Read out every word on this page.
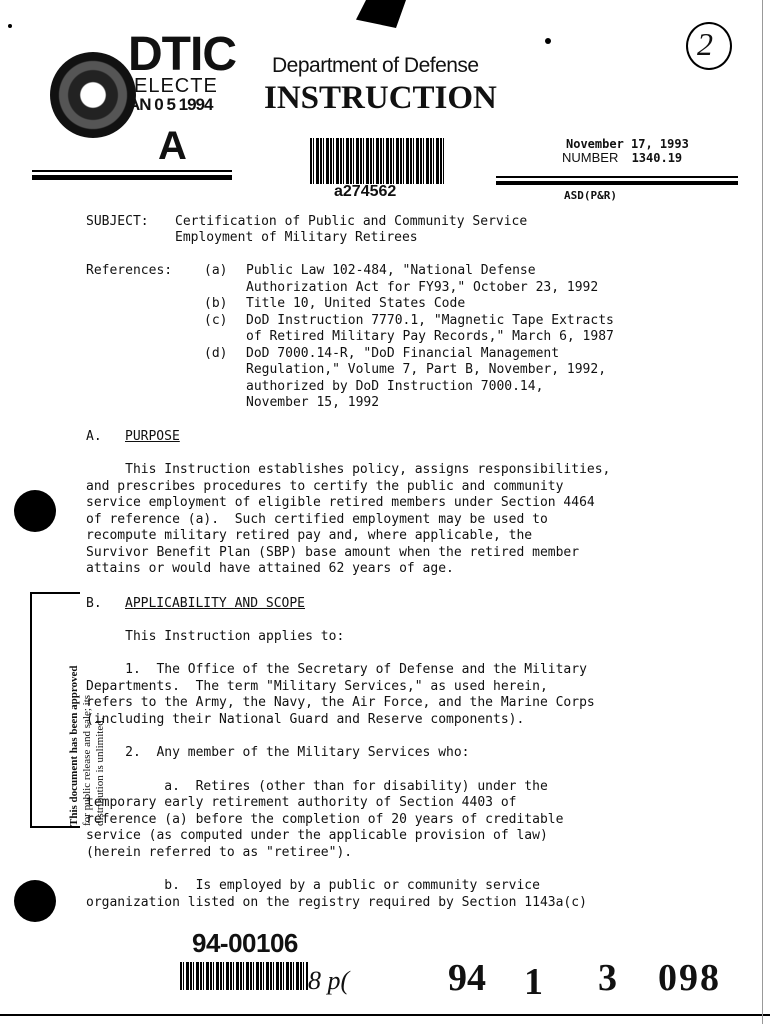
DTIC
ELECTE
AN 0 5 1994
A
Department of Defense
INSTRUCTION
2
a274562
November 17, 1993
NUMBER 1340.19
ASD(P&R)
SUBJECT: Certification of Public and Community Service
Employment of Military Retirees
References: (a) Public Law 102-484, "National Defense
Authorization Act for FY93," October 23, 1992
(b) Title 10, United States Code
(c) DoD Instruction 7770.1, "Magnetic Tape Extracts
of Retired Military Pay Records," March 6, 1987
(d) DoD 7000.14-R, "DoD Financial Management
Regulation," Volume 7, Part B, November, 1992,
authorized by DoD Instruction 7000.14,
November 15, 1992
A. PURPOSE
This Instruction establishes policy, assigns responsibilities,
and prescribes procedures to certify the public and community
service employment of eligible retired members under Section 4464
of reference (a).  Such certified employment may be used to
recompute military retired pay and, where applicable, the
Survivor Benefit Plan (SBP) base amount when the retired member
attains or would have attained 62 years of age.
This document has been approved for public release and sale; its distribution is unlimited.
B. APPLICABILITY AND SCOPE
This Instruction applies to:
1.  The Office of the Secretary of Defense and the Military
Departments.  The term "Military Services," as used herein,
refers to the Army, the Navy, the Air Force, and the Marine Corps
(including their National Guard and Reserve components).
2.  Any member of the Military Services who:
a.  Retires (other than for disability) under the
temporary early retirement authority of Section 4403 of
reference (a) before the completion of 20 years of creditable
service (as computed under the applicable provision of law)
(herein referred to as "retiree").
b.  Is employed by a public or community service
organization listed on the registry required by Section 1143a(c)
94-00106
8 p(	94 1 3 098
